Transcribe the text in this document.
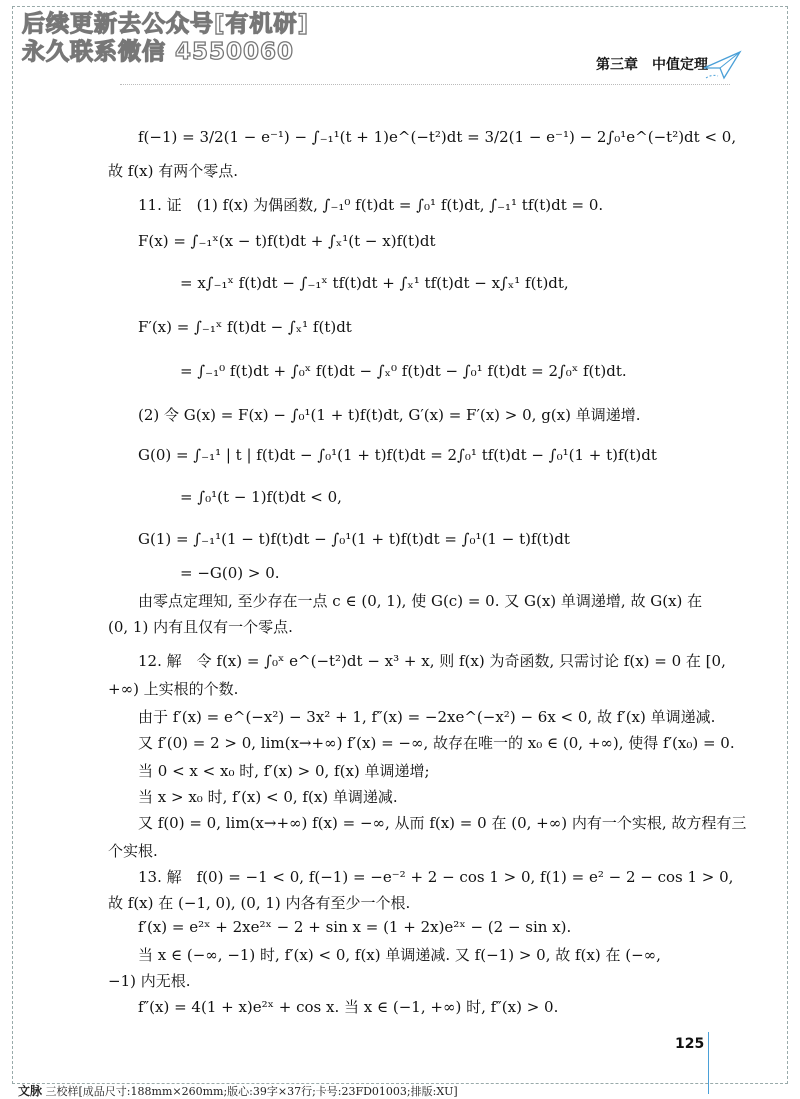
后续更新去公众号[有机研]
永久联系微信 4550060	第三章　中值定理
f(−1) = 3/2(1 − e⁻¹) − ∫₋₁¹(t + 1)e^(−t²)dt = 3/2(1 − e⁻¹) − 2∫₀¹e^(−t²)dt < 0,
故 f(x) 有两个零点.
11. 证　(1) f(x) 为偶函数, ∫₋₁⁰ f(t)dt = ∫₀¹ f(t)dt, ∫₋₁¹ tf(t)dt = 0.
F(x) = ∫₋₁ˣ(x − t)f(t)dt + ∫ₓ¹(t − x)f(t)dt
= x∫₋₁ˣ f(t)dt − ∫₋₁ˣ tf(t)dt + ∫ₓ¹ tf(t)dt − x∫ₓ¹ f(t)dt,
F′(x) = ∫₋₁ˣ f(t)dt − ∫ₓ¹ f(t)dt
= ∫₋₁⁰ f(t)dt + ∫₀ˣ f(t)dt − ∫ₓ⁰ f(t)dt − ∫₀¹ f(t)dt = 2∫₀ˣ f(t)dt.
(2) 令 G(x) = F(x) − ∫₀¹(1 + t)f(t)dt, G′(x) = F′(x) > 0, g(x) 单调递增.
G(0) = ∫₋₁¹ | t | f(t)dt − ∫₀¹(1 + t)f(t)dt = 2∫₀¹ tf(t)dt − ∫₀¹(1 + t)f(t)dt
= ∫₀¹(t − 1)f(t)dt < 0,
G(1) = ∫₋₁¹(1 − t)f(t)dt − ∫₀¹(1 + t)f(t)dt = ∫₀¹(1 − t)f(t)dt
= −G(0) > 0.
由零点定理知, 至少存在一点 c ∈ (0, 1), 使 G(c) = 0. 又 G(x) 单调递增, 故 G(x) 在
(0, 1) 内有且仅有一个零点.
12. 解　令 f(x) = ∫₀ˣ e^(−t²)dt − x³ + x, 则 f(x) 为奇函数, 只需讨论 f(x) = 0 在 [0,
+∞) 上实根的个数.
由于 f′(x) = e^(−x²) − 3x² + 1, f″(x) = −2xe^(−x²) − 6x < 0, 故 f′(x) 单调递减.
又 f′(0) = 2 > 0, lim(x→+∞) f′(x) = −∞, 故存在唯一的 x₀ ∈ (0, +∞), 使得 f′(x₀) = 0.
当 0 < x < x₀ 时, f′(x) > 0, f(x) 单调递增;
当 x > x₀ 时, f′(x) < 0, f(x) 单调递减.
又 f(0) = 0, lim(x→+∞) f(x) = −∞, 从而 f(x) = 0 在 (0, +∞) 内有一个实根, 故方程有三
个实根.
13. 解　f(0) = −1 < 0, f(−1) = −e⁻² + 2 − cos 1 > 0, f(1) = e² − 2 − cos 1 > 0,
故 f(x) 在 (−1, 0), (0, 1) 内各有至少一个根.
f′(x) = e²ˣ + 2xe²ˣ − 2 + sin x = (1 + 2x)e²ˣ − (2 − sin x).
当 x ∈ (−∞, −1) 时, f′(x) < 0, f(x) 单调递减. 又 f(−1) > 0, 故 f(x) 在 (−∞,
−1) 内无根.
f″(x) = 4(1 + x)e²ˣ + cos x. 当 x ∈ (−1, +∞) 时, f″(x) > 0.
125
文脉 三校样[成品尺寸:188mm×260mm;版心:39字×37行;卡号:23FD01003;排版:XU]
